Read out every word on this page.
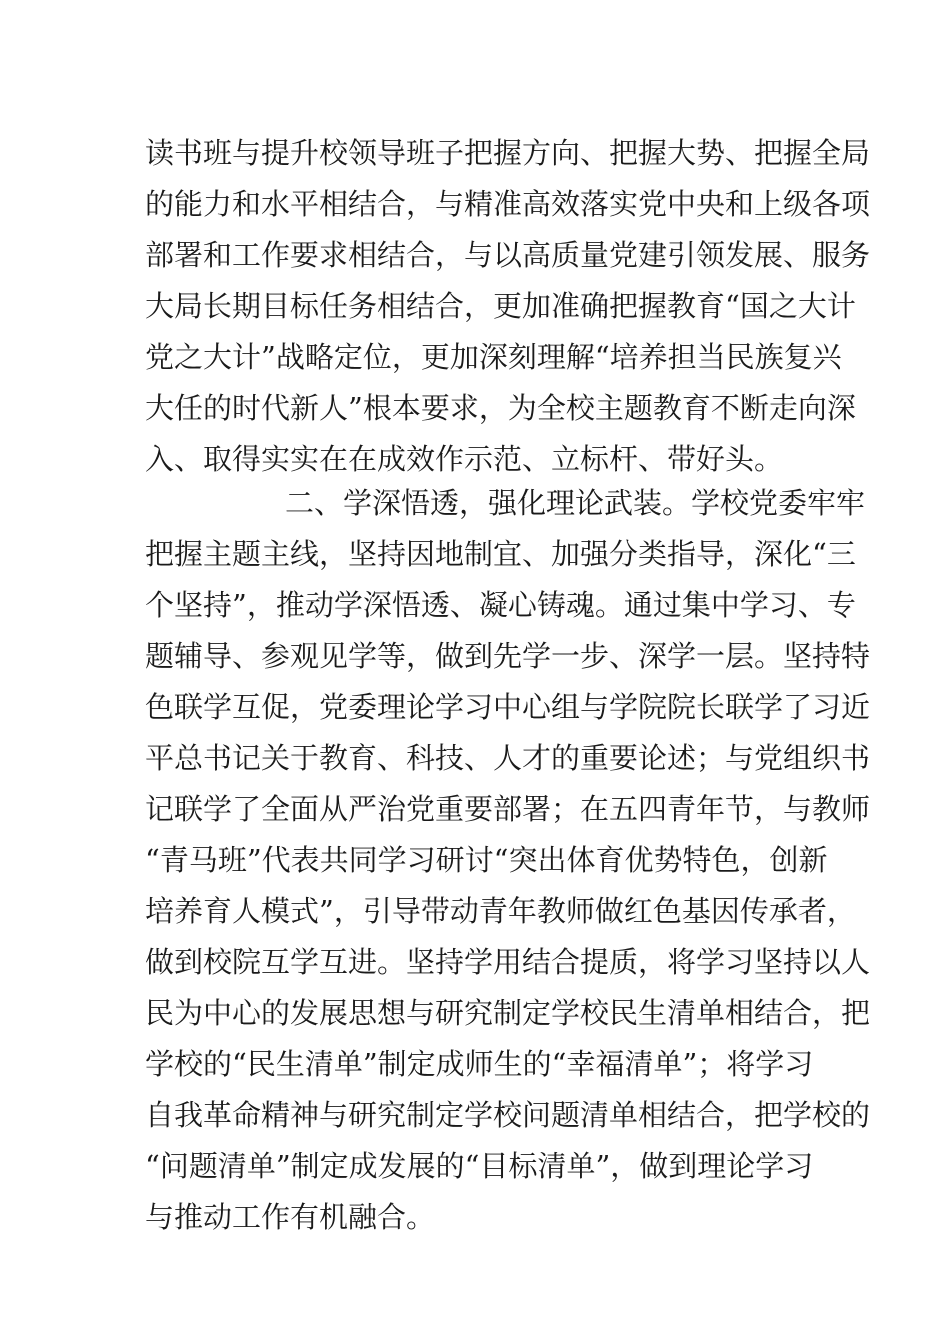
读书班与提升校领导班子把握方向、把握大势、把握全局
的能力和水平相结合，与精准高效落实党中央和上级各项
部署和工作要求相结合，与以高质量党建引领发展、服务
大局长期目标任务相结合，更加准确把握教育“国之大计
党之大计”战略定位，更加深刻理解“培养担当民族复兴
大任的时代新人”根本要求，为全校主题教育不断走向深
入、取得实实在在成效作示范、立标杆、带好头。
二、学深悟透，强化理论武装。学校党委牢牢
把握主题主线，坚持因地制宜、加强分类指导，深化“三
个坚持”，推动学深悟透、凝心铸魂。通过集中学习、专
题辅导、参观见学等，做到先学一步、深学一层。坚持特
色联学互促，党委理论学习中心组与学院院长联学了习近
平总书记关于教育、科技、人才的重要论述；与党组织书
记联学了全面从严治党重要部署；在五四青年节，与教师
“青马班”代表共同学习研讨“突出体育优势特色，创新
培养育人模式”，引导带动青年教师做红色基因传承者，
做到校院互学互进。坚持学用结合提质，将学习坚持以人
民为中心的发展思想与研究制定学校民生清单相结合，把
学校的“民生清单”制定成师生的“幸福清单”；将学习
自我革命精神与研究制定学校问题清单相结合，把学校的
“问题清单”制定成发展的“目标清单”，做到理论学习
与推动工作有机融合。
